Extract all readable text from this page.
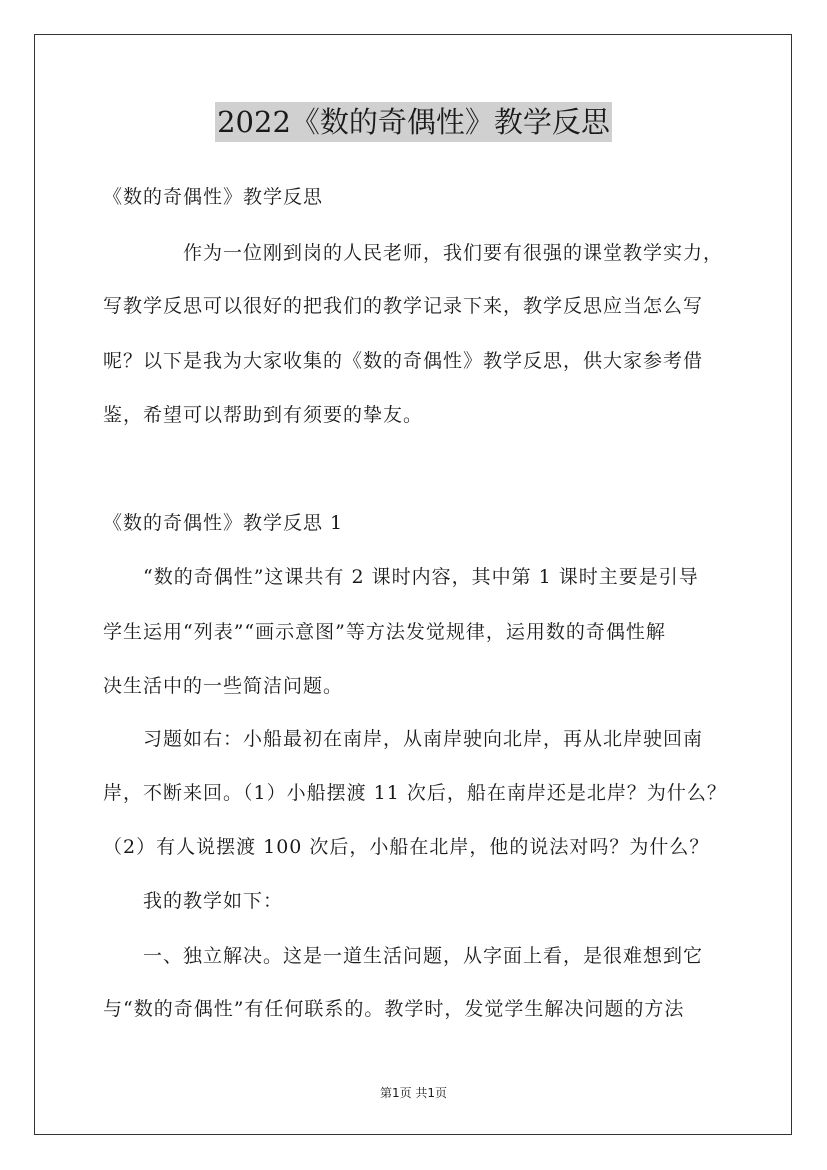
2022《数的奇偶性》教学反思
《数的奇偶性》教学反思
作为一位刚到岗的人民老师，我们要有很强的课堂教学实力，
写教学反思可以很好的把我们的教学记录下来，教学反思应当怎么写
呢？以下是我为大家收集的《数的奇偶性》教学反思，供大家参考借
鉴，希望可以帮助到有须要的挚友。
《数的奇偶性》教学反思 1
“数的奇偶性”这课共有 2 课时内容，其中第 1 课时主要是引导
学生运用“列表”“画示意图”等方法发觉规律，运用数的奇偶性解
决生活中的一些简洁问题。
习题如右：小船最初在南岸，从南岸驶向北岸，再从北岸驶回南
岸，不断来回。（1）小船摆渡 11 次后，船在南岸还是北岸？为什么？
（2）有人说摆渡 100 次后，小船在北岸，他的说法对吗？为什么？
我的教学如下：
一、独立解决。这是一道生活问题，从字面上看，是很难想到它
与“数的奇偶性”有任何联系的。教学时，发觉学生解决问题的方法
第1页 共1页
